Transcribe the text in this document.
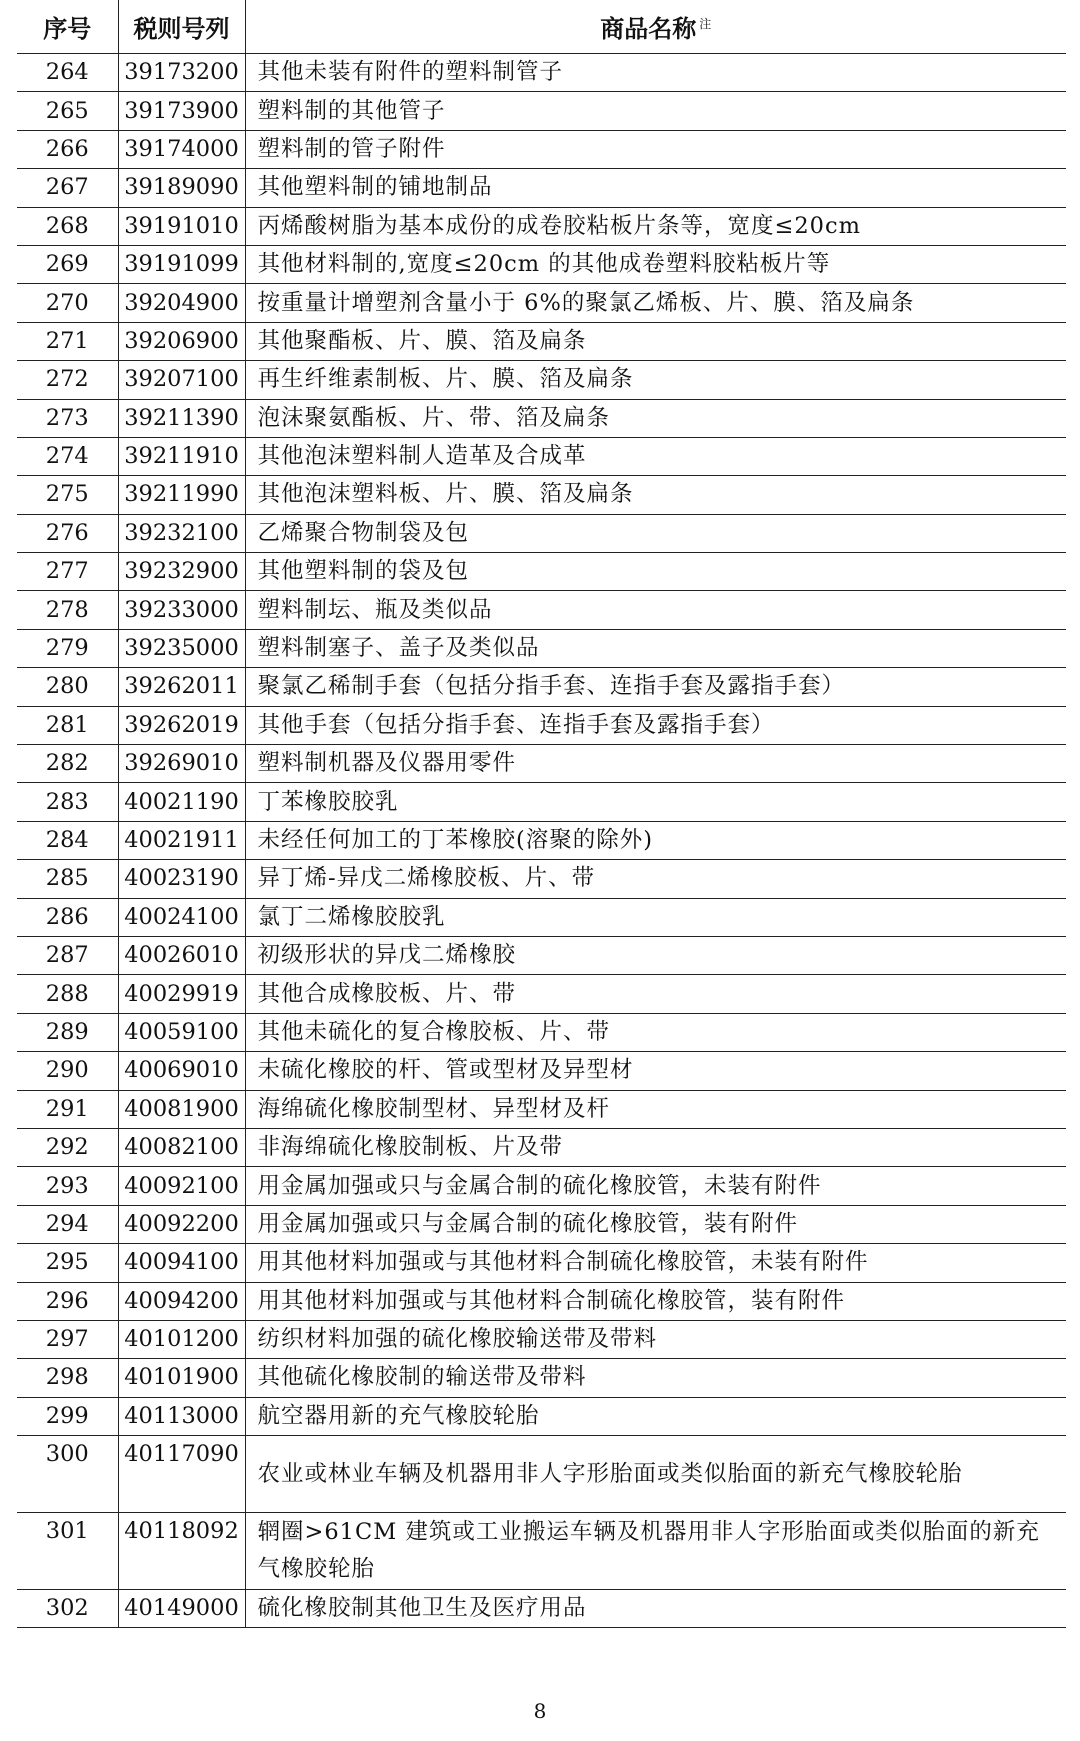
序号	税则号列	商品名称 $^注$
264	39173200	其他未装有附件的塑料制管子
265	39173900	塑料制的其他管子
266	39174000	塑料制的管子附件
267	39189090	其他塑料制的铺地制品
268	39191010	丙烯酸树脂为基本成份的成卷胶粘板片条等，宽度≤20cm
269	39191099	其他材料制的,宽度≤20cm 的其他成卷塑料胶粘板片等
270	39204900	按重量计增塑剂含量小于 6%的聚氯乙烯板、片、膜、箔及扁条
271	39206900	其他聚酯板、片、膜、箔及扁条
272	39207100	再生纤维素制板、片、膜、箔及扁条
273	39211390	泡沫聚氨酯板、片、带、箔及扁条
274	39211910	其他泡沫塑料制人造革及合成革
275	39211990	其他泡沫塑料板、片、膜、箔及扁条
276	39232100	乙烯聚合物制袋及包
277	39232900	其他塑料制的袋及包
278	39233000	塑料制坛、瓶及类似品
279	39235000	塑料制塞子、盖子及类似品
280	39262011	聚氯乙稀制手套（包括分指手套、连指手套及露指手套）
281	39262019	其他手套（包括分指手套、连指手套及露指手套）
282	39269010	塑料制机器及仪器用零件
283	40021190	丁苯橡胶胶乳
284	40021911	未经任何加工的丁苯橡胶(溶聚的除外)
285	40023190	异丁烯-异戊二烯橡胶板、片、带
286	40024100	氯丁二烯橡胶胶乳
287	40026010	初级形状的异戊二烯橡胶
288	40029919	其他合成橡胶板、片、带
289	40059100	其他未硫化的复合橡胶板、片、带
290	40069010	未硫化橡胶的杆、管或型材及异型材
291	40081900	海绵硫化橡胶制型材、异型材及杆
292	40082100	非海绵硫化橡胶制板、片及带
293	40092100	用金属加强或只与金属合制的硫化橡胶管，未装有附件
294	40092200	用金属加强或只与金属合制的硫化橡胶管，装有附件
295	40094100	用其他材料加强或与其他材料合制硫化橡胶管，未装有附件
296	40094200	用其他材料加强或与其他材料合制硫化橡胶管，装有附件
297	40101200	纺织材料加强的硫化橡胶输送带及带料
298	40101900	其他硫化橡胶制的输送带及带料
299	40113000	航空器用新的充气橡胶轮胎
300	40117090	农业或林业车辆及机器用非人字形胎面或类似胎面的新充气橡胶轮胎
301	40118092	辋圈>61CM 建筑或工业搬运车辆及机器用非人字形胎面或类似胎面的新充气橡胶轮胎
302	40149000	硫化橡胶制其他卫生及医疗用品
8
